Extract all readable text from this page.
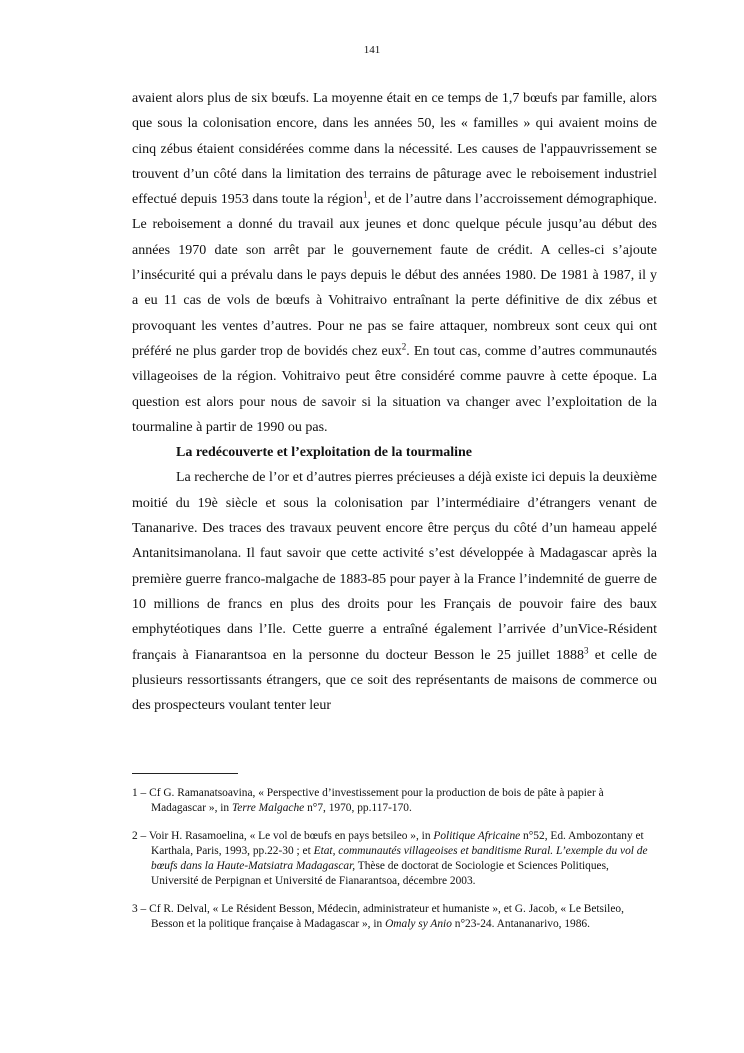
141

avaient alors plus de six bœufs. La moyenne était en ce temps de 1,7 bœufs par famille, alors que sous la colonisation encore, dans les années 50, les « familles » qui avaient moins de cinq zébus étaient considérées comme dans la nécessité. Les causes de l'appauvrissement se trouvent d’un côté dans la limitation des terrains de pâturage avec le reboisement industriel effectué depuis 1953 dans toute la région$^1$, et de l’autre dans l’accroissement démographique. Le reboisement a donné du travail aux jeunes et donc quelque pécule jusqu’au début des années 1970 date son arrêt par le gouvernement faute de crédit. A celles-ci s’ajoute l’insécurité qui a prévalu dans le pays depuis le début des années 1980. De 1981 à 1987, il y a eu 11 cas de vols de bœufs à Vohitraivo entraînant la perte définitive de dix zébus et provoquant les ventes d’autres. Pour ne pas se faire attaquer, nombreux sont ceux qui ont préféré ne plus garder trop de bovidés chez eux$^2$. En tout cas, comme d’autres communautés villageoises de la région. Vohitraivo peut être considéré comme pauvre à cette époque. La question est alors pour nous de savoir si la situation va changer avec l’exploitation de la tourmaline à partir de 1990 ou pas.

La redécouverte et l’exploitation de la tourmaline

La recherche de l’or et d’autres pierres précieuses a déjà existe ici depuis la deuxième moitié du 19è siècle et sous la colonisation par l’intermédiaire d’étrangers venant de Tananarive. Des traces des travaux peuvent encore être perçus du côté d’un hameau appelé Antanitsimanolana. Il faut savoir que cette activité s’est développée à Madagascar après la première guerre franco-malgache de 1883-85 pour payer à la France l’indemnité de guerre de 10 millions de francs en plus des droits pour les Français de pouvoir faire des baux emphytéotiques dans l’Ile. Cette guerre a entraîné également l’arrivée d’unVice-Résident français à Fianarantsoa en la personne du docteur Besson le 25 juillet 1888$^3$ et celle de plusieurs ressortissants étrangers, que ce soit des représentants de maisons de commerce ou des prospecteurs voulant tenter leur

1 – Cf G. Ramanatsoavina, « Perspective d’investissement pour la production de bois de pâte à papier à Madagascar », in Terre Malgache n°7, 1970, pp.117-170.

2 – Voir H. Rasamoelina, « Le vol de bœufs en pays betsileo », in Politique Africaine n°52, Ed. Ambozontany et Karthala, Paris, 1993, pp.22-30 ; et Etat, communautés villageoises et banditisme Rural. L’exemple du vol de bœufs dans la Haute-Matsiatra Madagascar, Thèse de doctorat de Sociologie et Sciences Politiques, Université de Perpignan et Université de Fianarantsoa, décembre 2003.

3 – Cf R. Delval, « Le Résident Besson, Médecin, administrateur et humaniste », et G. Jacob, « Le Betsileo, Besson et la politique française à Madagascar », in Omaly sy Anio n°23-24. Antananarivo, 1986.
